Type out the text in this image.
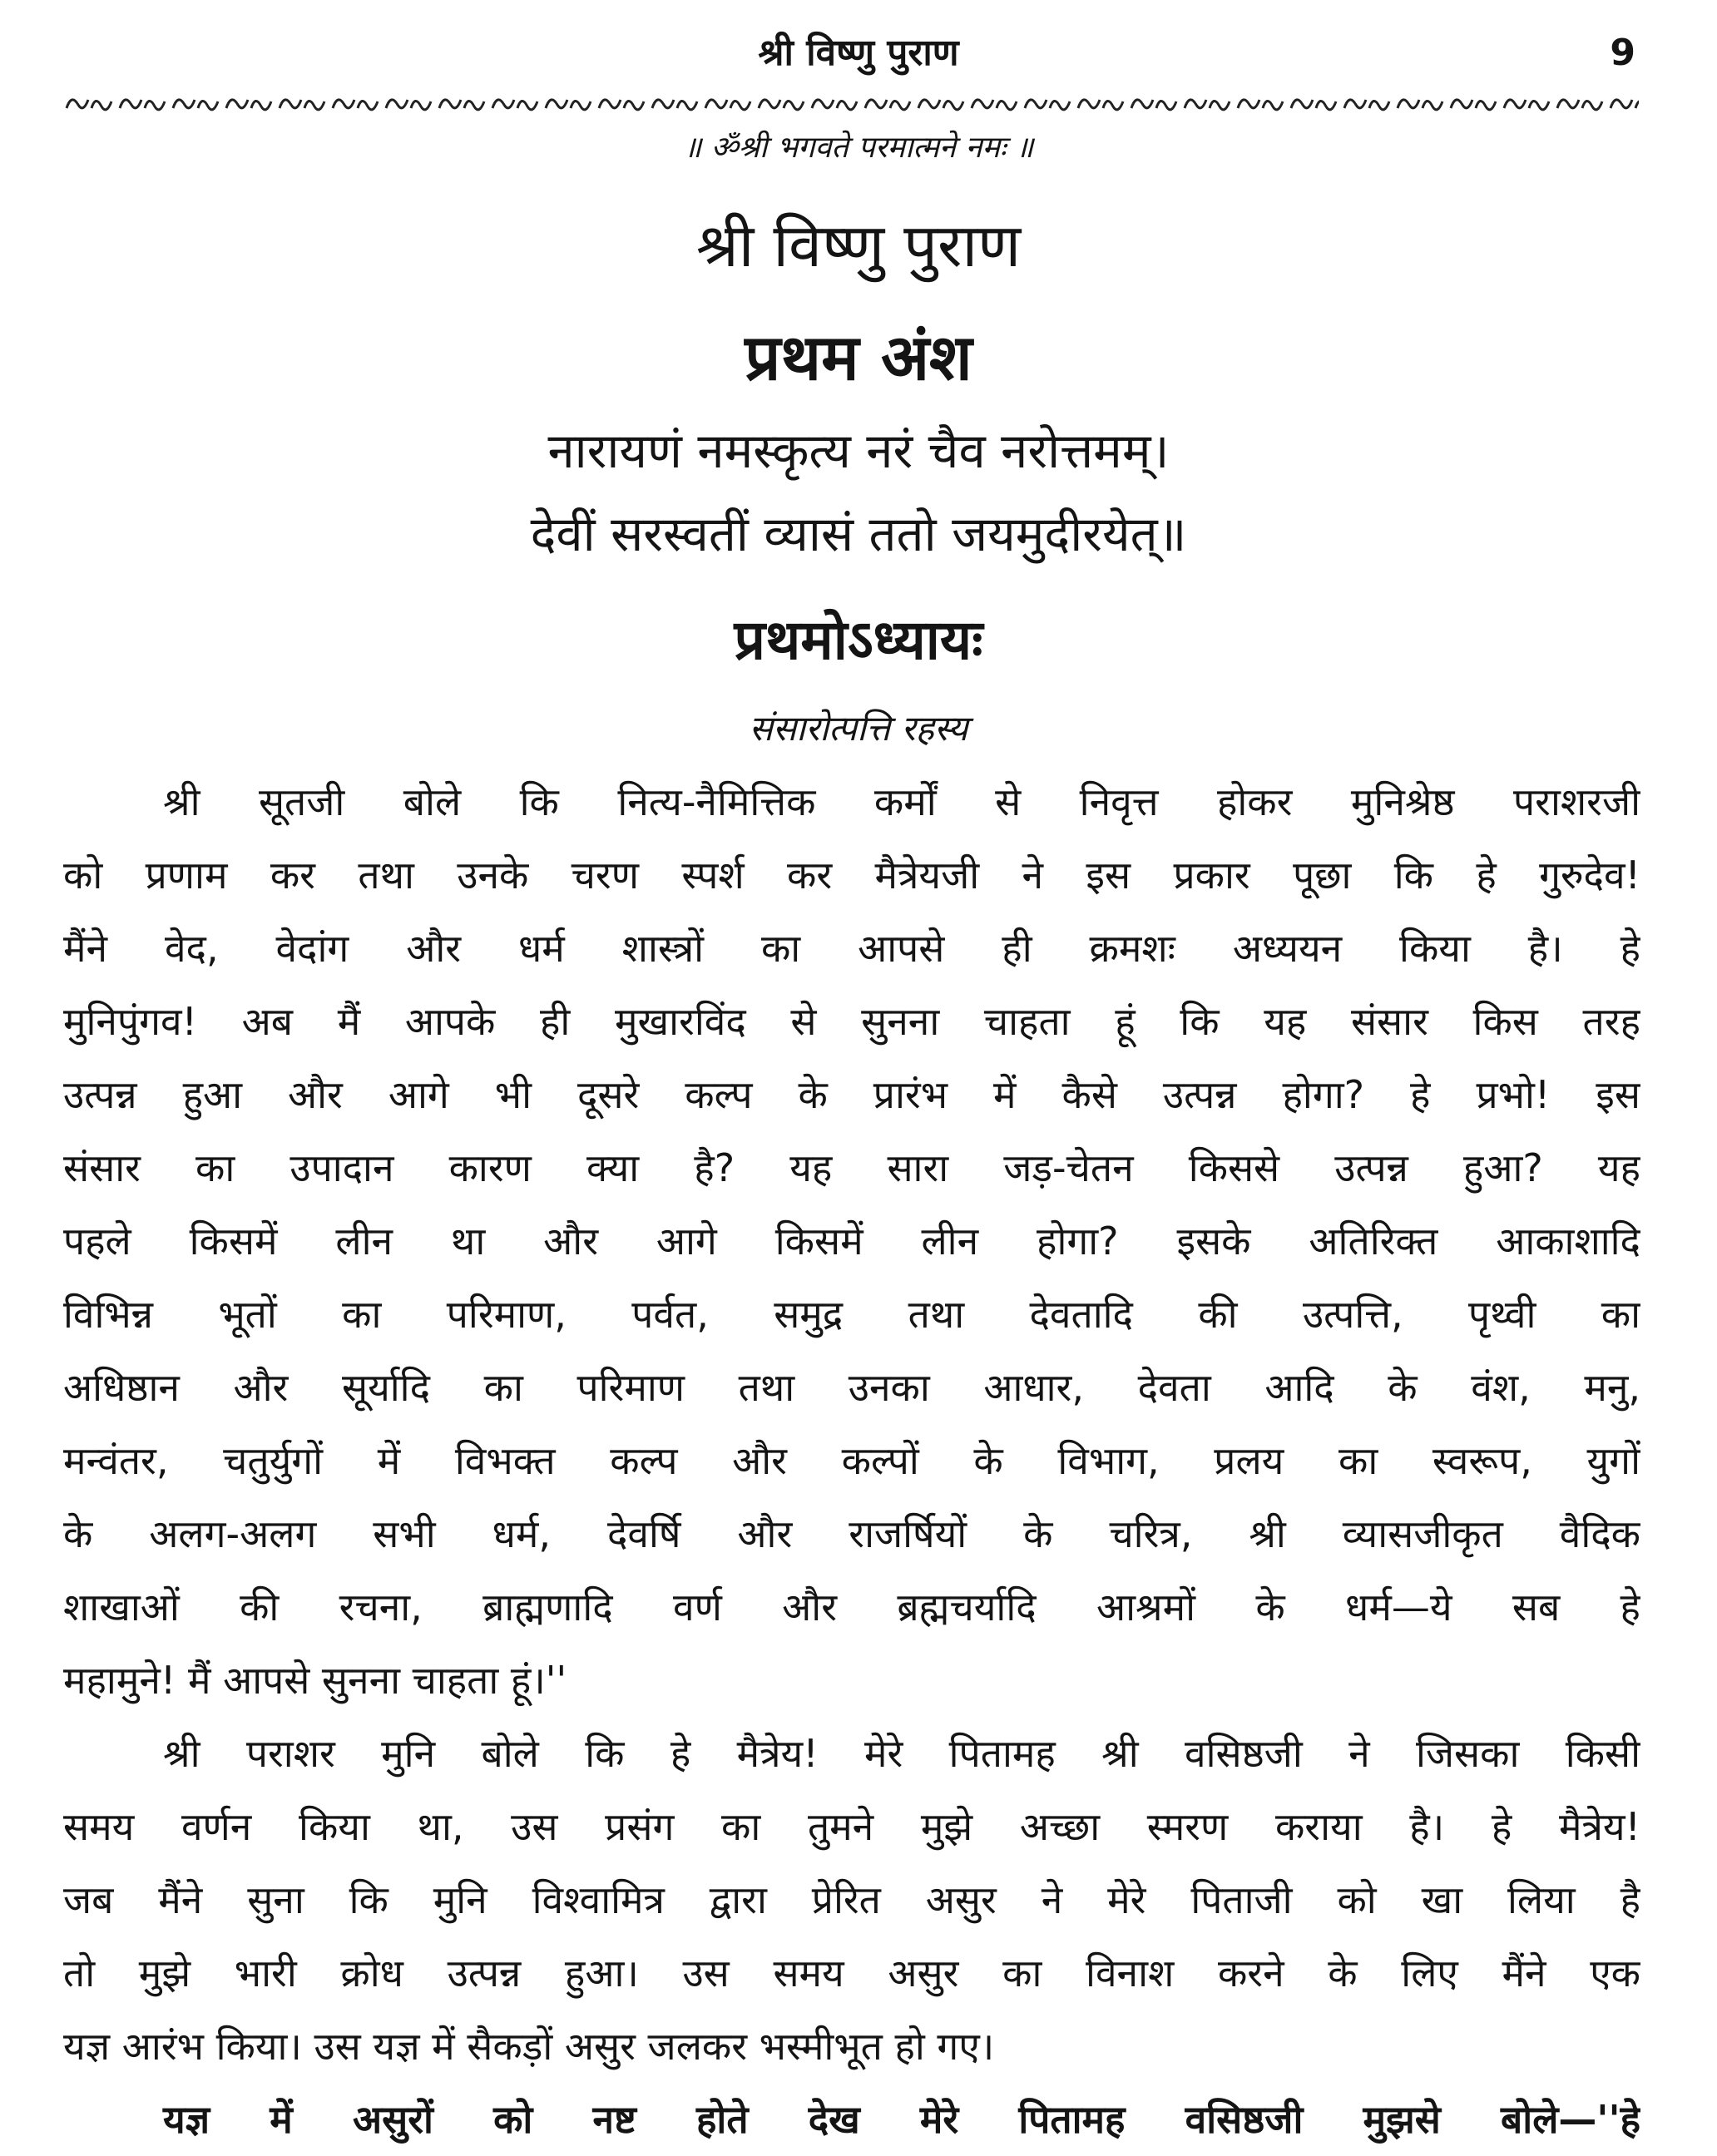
श्री विष्णु पुराण	9
॥ ॐश्री भगवते परमात्मने नमः ॥
श्री विष्णु पुराण
प्रथम अंश
नारायणं नमस्कृत्य नरं चैव नरोत्तमम्।
देवीं सरस्वतीं व्यासं ततो जयमुदीरयेत्॥
प्रथमोऽध्यायः
संसारोत्पत्ति रहस्य
श्री सूतजी बोले कि नित्य-नैमित्तिक कर्मों से निवृत्त होकर मुनिश्रेष्ठ पराशरजी
को प्रणाम कर तथा उनके चरण स्पर्श कर मैत्रेयजी ने इस प्रकार पूछा कि हे गुरुदेव!
मैंने वेद, वेदांग और धर्म शास्त्रों का आपसे ही क्रमशः अध्ययन किया है। हे
मुनिपुंगव! अब मैं आपके ही मुखारविंद से सुनना चाहता हूं कि यह संसार किस तरह
उत्पन्न हुआ और आगे भी दूसरे कल्प के प्रारंभ में कैसे उत्पन्न होगा? हे प्रभो! इस
संसार का उपादान कारण क्या है? यह सारा जड़-चेतन किससे उत्पन्न हुआ? यह
पहले किसमें लीन था और आगे किसमें लीन होगा? इसके अतिरिक्त आकाशादि
विभिन्न भूतों का परिमाण, पर्वत, समुद्र तथा देवतादि की उत्पत्ति, पृथ्वी का
अधिष्ठान और सूर्यादि का परिमाण तथा उनका आधार, देवता आदि के वंश, मनु,
मन्वंतर, चतुर्युगों में विभक्त कल्प और कल्पों के विभाग, प्रलय का स्वरूप, युगों
के अलग-अलग सभी धर्म, देवर्षि और राजर्षियों के चरित्र, श्री व्यासजीकृत वैदिक
शाखाओं की रचना, ब्राह्मणादि वर्ण और ब्रह्मचर्यादि आश्रमों के धर्म—ये सब हे
महामुने! मैं आपसे सुनना चाहता हूं।''
श्री पराशर मुनि बोले कि हे मैत्रेय! मेरे पितामह श्री वसिष्ठजी ने जिसका किसी
समय वर्णन किया था, उस प्रसंग का तुमने मुझे अच्छा स्मरण कराया है। हे मैत्रेय!
जब मैंने सुना कि मुनि विश्वामित्र द्वारा प्रेरित असुर ने मेरे पिताजी को खा लिया है
तो मुझे भारी क्रोध उत्पन्न हुआ। उस समय असुर का विनाश करने के लिए मैंने एक
यज्ञ आरंभ किया। उस यज्ञ में सैकड़ों असुर जलकर भस्मीभूत हो गए।
यज्ञ में असुरों को नष्ट होते देख मेरे पितामह वसिष्ठजी मुझसे बोले—''हे
